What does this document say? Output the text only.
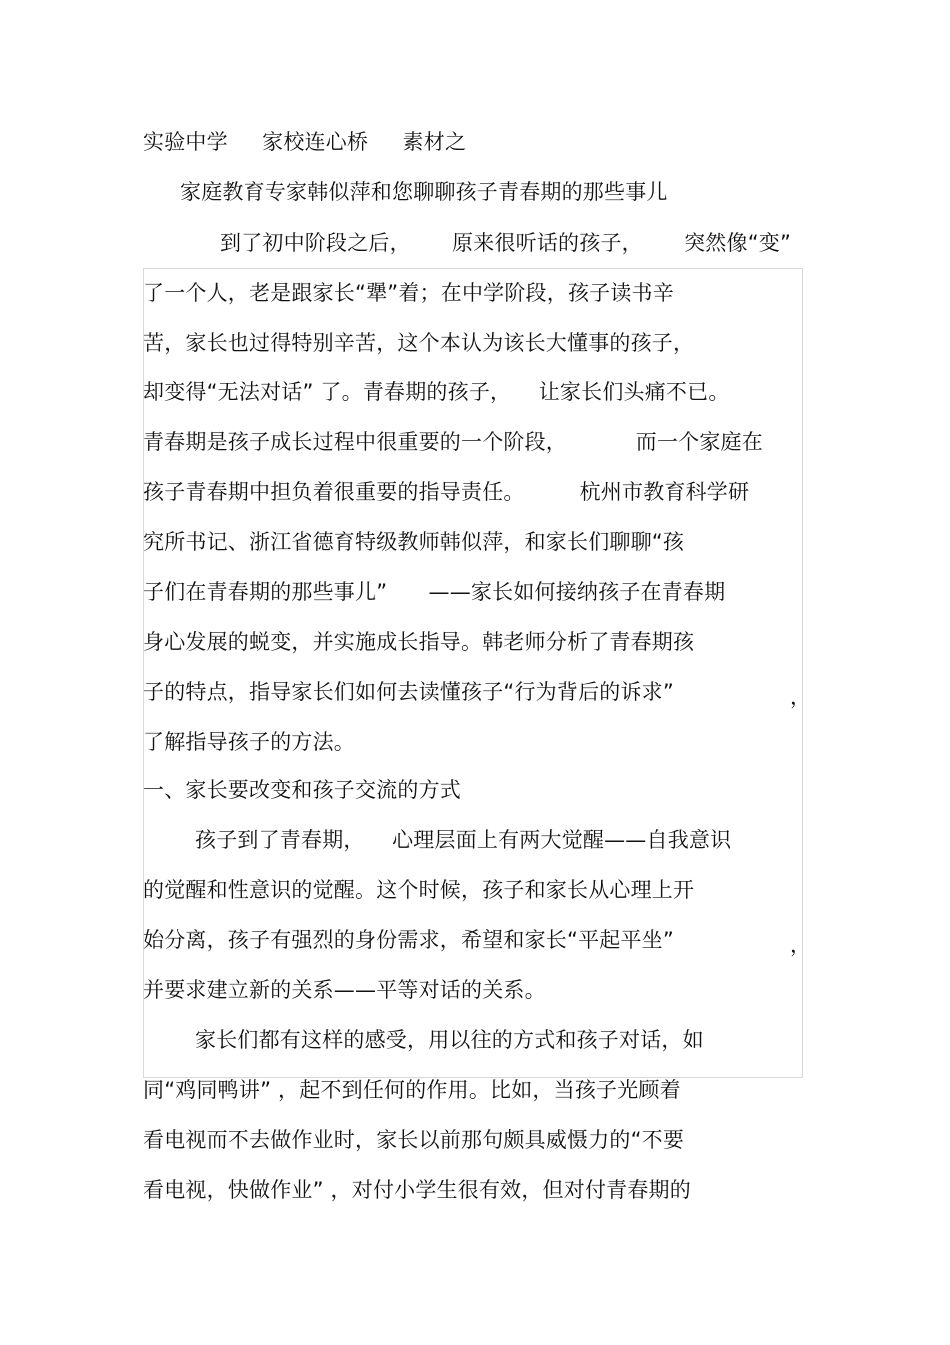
实验中学     家校连心桥     素材之
家庭教育专家韩似萍和您聊聊孩子青春期的那些事儿
到了初中阶段之后，      原来很听话的孩子，      突然像“变”
了一个人，老是跟家长“犟”着；在中学阶段，孩子读书辛
苦，家长也过得特别辛苦，这个本认为该长大懂事的孩子，
却变得“无法对话” 了。青春期的孩子，    让家长们头痛不已。
青春期是孩子成长过程中很重要的一个阶段，          而一个家庭在
孩子青春期中担负着很重要的指导责任。        杭州市教育科学研
究所书记、浙江省德育特级教师韩似萍，和家长们聊聊“孩
子们在青春期的那些事儿”      ——家长如何接纳孩子在青春期
身心发展的蜕变，并实施成长指导。韩老师分析了青春期孩
子的特点，指导家长们如何去读懂孩子“行为背后的诉求”	，
了解指导孩子的方法。
一、家长要改变和孩子交流的方式
孩子到了青春期，    心理层面上有两大觉醒——自我意识
的觉醒和性意识的觉醒。这个时候，孩子和家长从心理上开
始分离，孩子有强烈的身份需求，希望和家长“平起平坐”	，
并要求建立新的关系——平等对话的关系。
家长们都有这样的感受，用以往的方式和孩子对话，如
同“鸡同鸭讲” ，起不到任何的作用。比如，当孩子光顾着
看电视而不去做作业时，家长以前那句颇具威慑力的“不要
看电视，快做作业” ，对付小学生很有效，但对付青春期的
